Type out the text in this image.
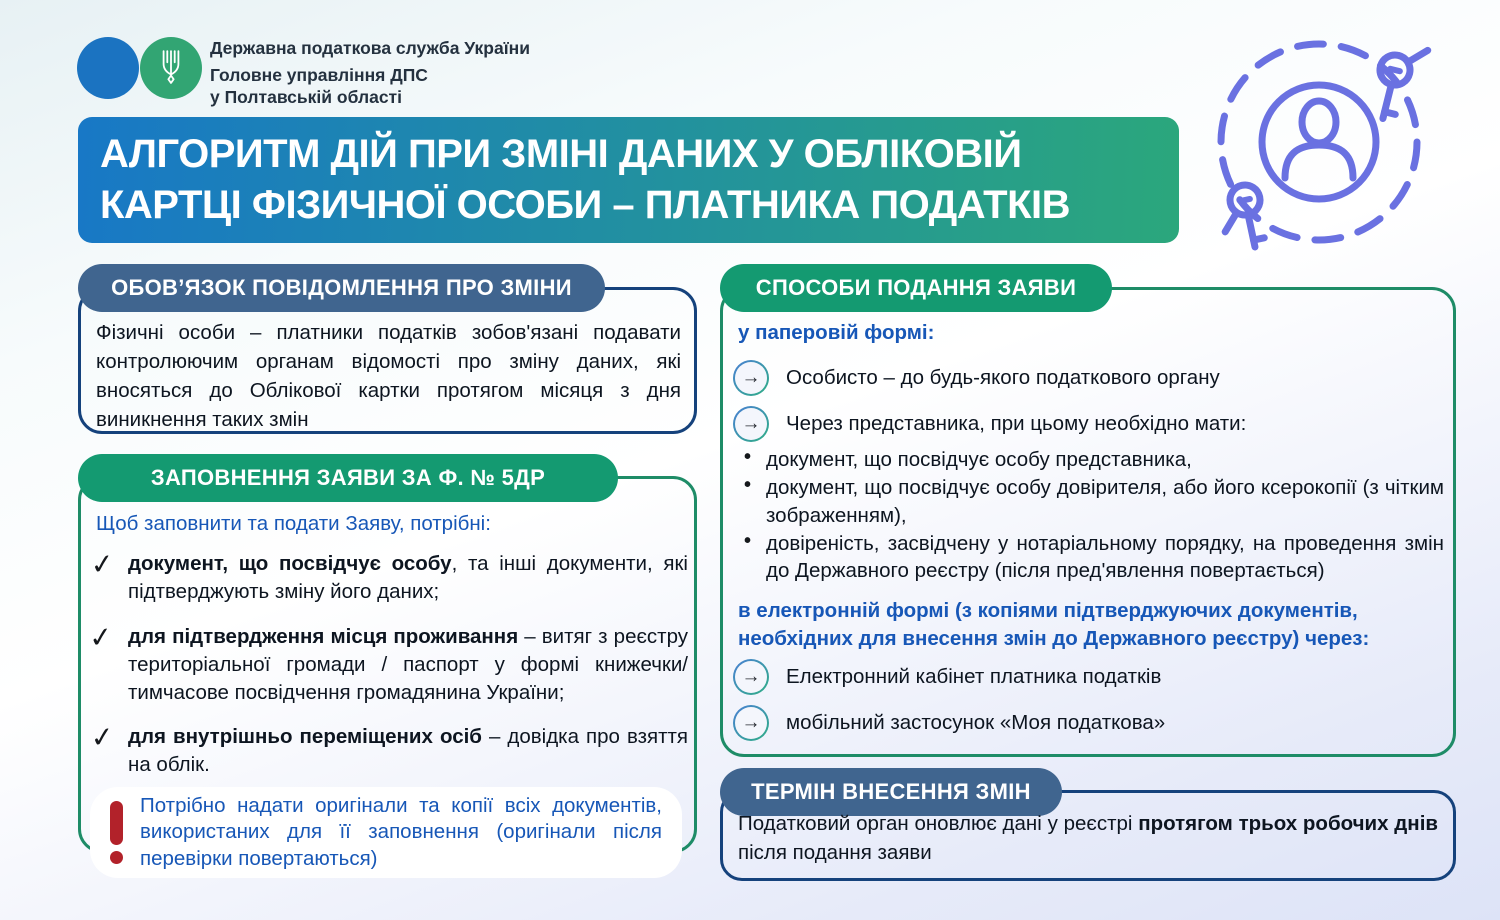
Державна податкова служба України
Головне управління ДПС
у Полтавській області
АЛГОРИТМ ДІЙ ПРИ ЗМІНІ ДАНИХ У ОБЛІКОВІЙ
КАРТЦІ ФІЗИЧНОЇ ОСОБИ – ПЛАТНИКА ПОДАТКІВ
ОБОВ’ЯЗОК ПОВІДОМЛЕННЯ ПРО ЗМІНИ
Фізичні особи – платники податків зобов'язані подавати контролюючим органам відомості про зміну даних, які вносяться до Облікової картки протягом місяця з дня виникнення таких змін
ЗАПОВНЕННЯ ЗАЯВИ ЗА Ф. № 5ДР
Щоб заповнити та подати Заяву, потрібні:
✓ документ, що посвідчує особу, та інші документи, які підтверджують зміну його даних;
✓ для підтвердження місця проживання – витяг з реєстру територіальної громади / паспорт у формі книжечки/ тимчасове посвідчення громадянина України;
✓ для внутрішньо переміщених осіб – довідка про взяття на облік.
Потрібно надати оригінали та копії всіх документів, використаних для її заповнення (оригінали після перевірки повертаються)
СПОСОБИ ПОДАННЯ ЗАЯВИ
у паперовій формі:
→	Особисто – до будь-якого податкового органу
→	Через представника, при цьому необхідно мати:
• документ, що посвідчує особу представника,
• документ, що посвідчує особу довірителя, або його ксерокопії (з чітким зображенням),
• довіреність, засвідчену у нотаріальному порядку, на проведення змін до Державного реєстру (після пред'явлення повертається)
в електронній формі (з копіями підтверджуючих документів, необхідних для внесення змін до Державного реєстру) через:
→	Електронний кабінет платника податків
→	мобільний застосунок «Моя податкова»
ТЕРМІН ВНЕСЕННЯ ЗМІН
Податковий орган оновлює дані у реєстрі протягом трьох робочих днів після подання заяви
